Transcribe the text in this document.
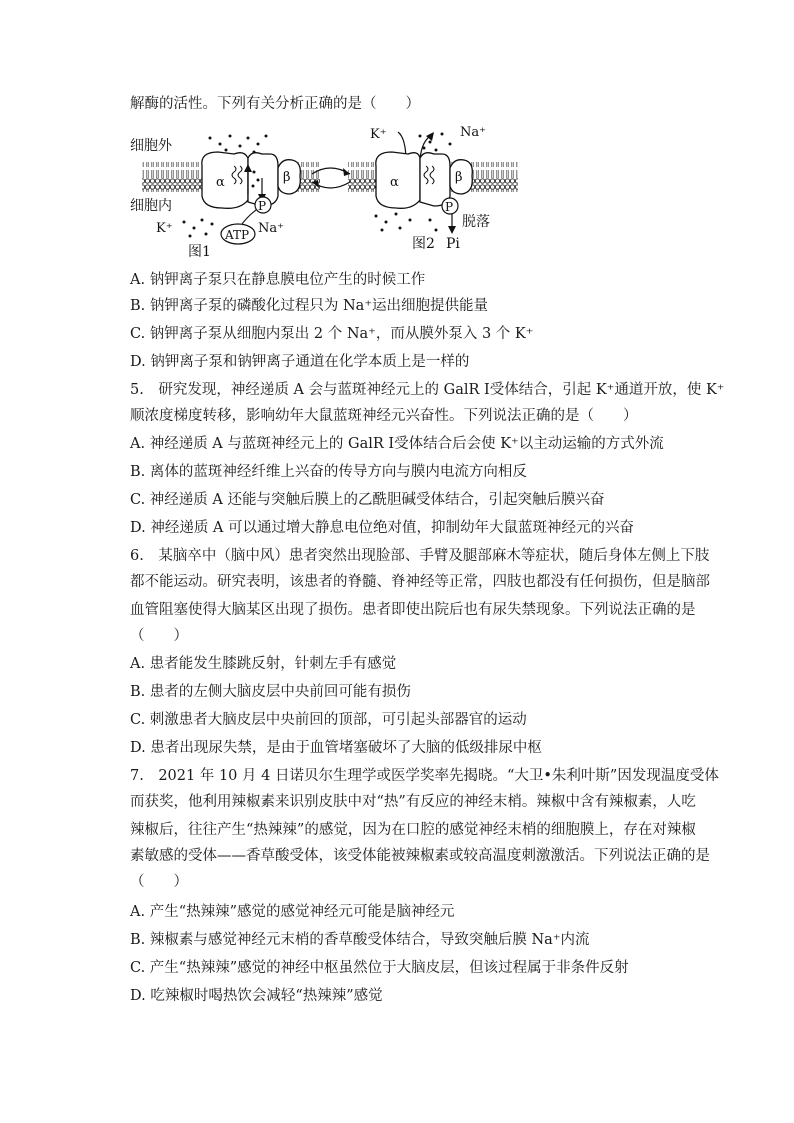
解酶的活性。下列有关分析正确的是（　　）
细胞外
细胞内
α	β
P
ATP
K⁺	Na⁺
图1
K⁺	Na⁺
α	β
P
脱落
Pi
图2
A. 钠钾离子泵只在静息膜电位产生的时候工作
B. 钠钾离子泵的磷酸化过程只为 Na⁺运出细胞提供能量
C. 钠钾离子泵从细胞内泵出 2 个 Na⁺，而从膜外泵入 3 个 K⁺
D. 钠钾离子泵和钠钾离子通道在化学本质上是一样的
5.　研究发现，神经递质 A 会与蓝斑神经元上的 GalR Ⅰ受体结合，引起 K⁺通道开放，使 K⁺
顺浓度梯度转移，影响幼年大鼠蓝斑神经元兴奋性。下列说法正确的是（　　）
A. 神经递质 A 与蓝斑神经元上的 GalR Ⅰ受体结合后会使 K⁺以主动运输的方式外流
B. 离体的蓝斑神经纤维上兴奋的传导方向与膜内电流方向相反
C. 神经递质 A 还能与突触后膜上的乙酰胆碱受体结合，引起突触后膜兴奋
D. 神经递质 A 可以通过增大静息电位绝对值，抑制幼年大鼠蓝斑神经元的兴奋
6.　某脑卒中（脑中风）患者突然出现脸部、手臂及腿部麻木等症状，随后身体左侧上下肢
都不能运动。研究表明，该患者的脊髓、脊神经等正常，四肢也都没有任何损伤，但是脑部
血管阻塞使得大脑某区出现了损伤。患者即使出院后也有尿失禁现象。下列说法正确的是
（　　）
A. 患者能发生膝跳反射，针刺左手有感觉
B. 患者的左侧大脑皮层中央前回可能有损伤
C. 刺激患者大脑皮层中央前回的顶部，可引起头部器官的运动
D. 患者出现尿失禁，是由于血管堵塞破坏了大脑的低级排尿中枢
7.　2021 年 10 月 4 日诺贝尔生理学或医学奖率先揭晓。“大卫•朱利叶斯”因发现温度受体
而获奖，他利用辣椒素来识别皮肤中对“热”有反应的神经末梢。辣椒中含有辣椒素，人吃
辣椒后，往往产生“热辣辣”的感觉，因为在口腔的感觉神经末梢的细胞膜上，存在对辣椒
素敏感的受体——香草酸受体，该受体能被辣椒素或较高温度刺激激活。下列说法正确的是
（　　）
A. 产生“热辣辣”感觉的感觉神经元可能是脑神经元
B. 辣椒素与感觉神经元末梢的香草酸受体结合，导致突触后膜 Na⁺内流
C. 产生“热辣辣”感觉的神经中枢虽然位于大脑皮层，但该过程属于非条件反射
D. 吃辣椒时喝热饮会减轻“热辣辣”感觉
